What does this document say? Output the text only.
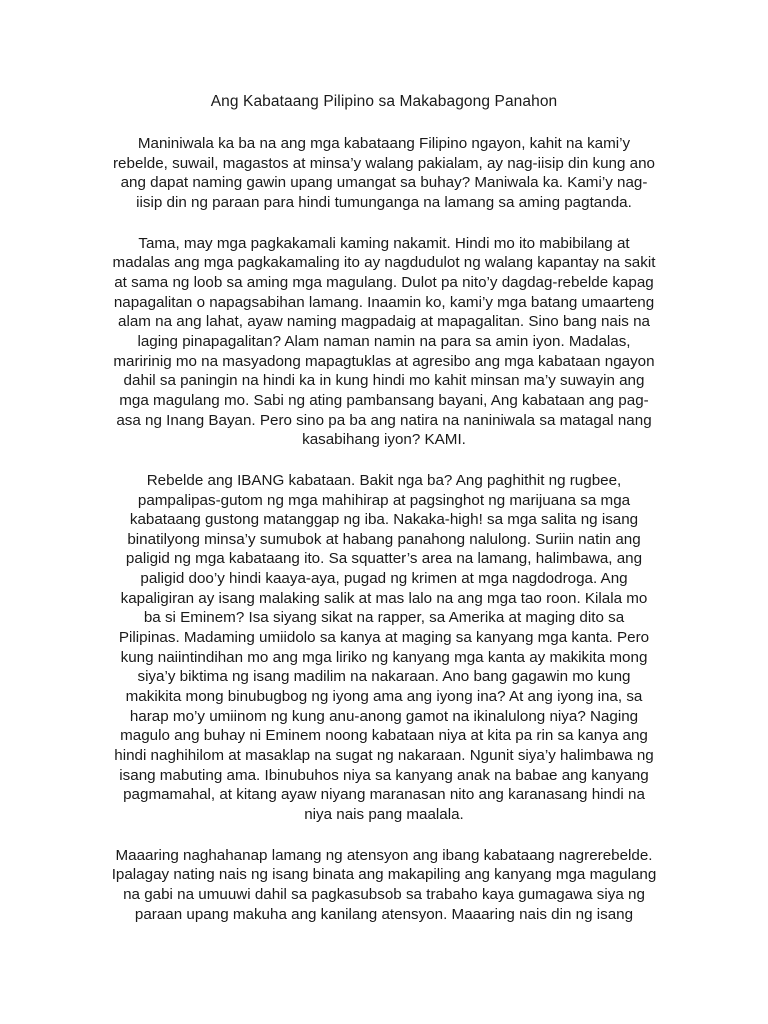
Ang Kabataang Pilipino sa Makabagong Panahon
Maniniwala ka ba na ang mga kabataang Filipino ngayon, kahit na kami’y
rebelde, suwail, magastos at minsa’y walang pakialam, ay nag-iisip din kung ano
ang dapat naming gawin upang umangat sa buhay? Maniwala ka. Kami’y nag-
iisip din ng paraan para hindi tumunganga na lamang sa aming pagtanda.
Tama, may mga pagkakamali kaming nakamit. Hindi mo ito mabibilang at
madalas ang mga pagkakamaling ito ay nagdudulot ng walang kapantay na sakit
at sama ng loob sa aming mga magulang. Dulot pa nito’y dagdag-rebelde kapag
napagalitan o napagsabihan lamang. Inaamin ko, kami’y mga batang umaarteng
alam na ang lahat, ayaw naming magpadaig at mapagalitan. Sino bang nais na
laging pinapagalitan? Alam naman namin na para sa amin iyon. Madalas,
maririnig mo na masyadong mapagtuklas at agresibo ang mga kabataan ngayon
dahil sa paningin na hindi ka in kung hindi mo kahit minsan ma’y suwayin ang
mga magulang mo. Sabi ng ating pambansang bayani, Ang kabataan ang pag-
asa ng Inang Bayan. Pero sino pa ba ang natira na naniniwala sa matagal nang
kasabihang iyon? KAMI.
Rebelde ang IBANG kabataan. Bakit nga ba? Ang paghithit ng rugbee,
pampalipas-gutom ng mga mahihirap at pagsinghot ng marijuana sa mga
kabataang gustong matanggap ng iba. Nakaka-high! sa mga salita ng isang
binatilyong minsa’y sumubok at habang panahong nalulong. Suriin natin ang
paligid ng mga kabataang ito. Sa squatter’s area na lamang, halimbawa, ang
paligid doo’y hindi kaaya-aya, pugad ng krimen at mga nagdodroga. Ang
kapaligiran ay isang malaking salik at mas lalo na ang mga tao roon. Kilala mo
ba si Eminem? Isa siyang sikat na rapper, sa Amerika at maging dito sa
Pilipinas. Madaming umiidolo sa kanya at maging sa kanyang mga kanta. Pero
kung naiintindihan mo ang mga liriko ng kanyang mga kanta ay makikita mong
siya’y biktima ng isang madilim na nakaraan. Ano bang gagawin mo kung
makikita mong binubugbog ng iyong ama ang iyong ina? At ang iyong ina, sa
harap mo’y umiinom ng kung anu-anong gamot na ikinalulong niya? Naging
magulo ang buhay ni Eminem noong kabataan niya at kita pa rin sa kanya ang
hindi naghihilom at masaklap na sugat ng nakaraan. Ngunit siya’y halimbawa ng
isang mabuting ama. Ibinubuhos niya sa kanyang anak na babae ang kanyang
pagmamahal, at kitang ayaw niyang maranasan nito ang karanasang hindi na
niya nais pang maalala.
Maaaring naghahanap lamang ng atensyon ang ibang kabataang nagrerebelde.
Ipalagay nating nais ng isang binata ang makapiling ang kanyang mga magulang
na gabi na umuuwi dahil sa pagkasubsob sa trabaho kaya gumagawa siya ng
paraan upang makuha ang kanilang atensyon. Maaaring nais din ng isang
